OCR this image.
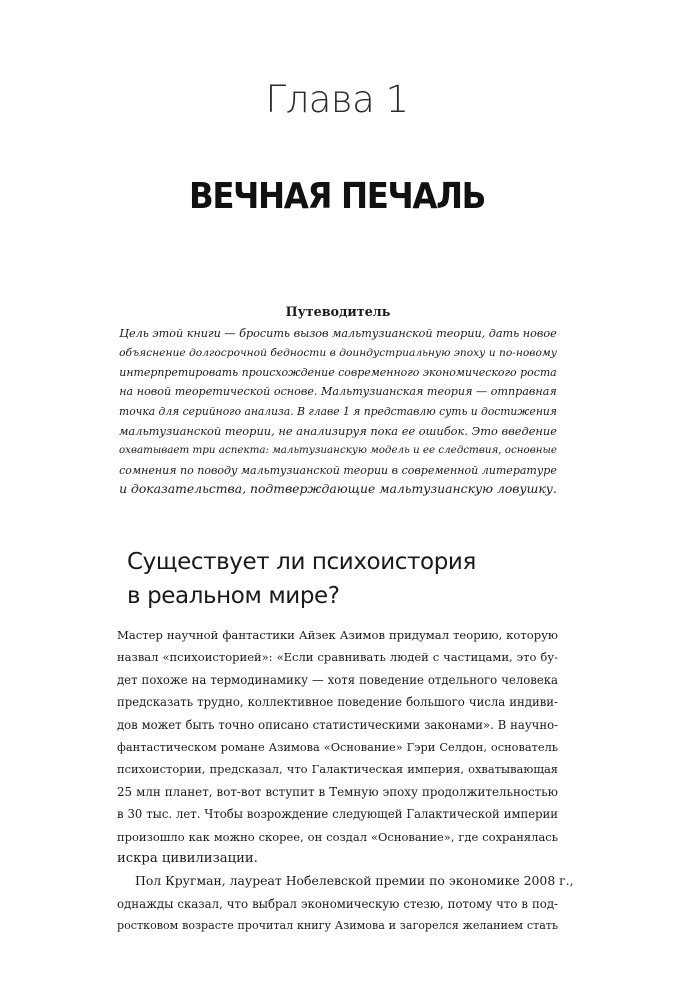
Глава 1
ВЕЧНАЯ ПЕЧАЛЬ
Путеводитель
Цель этой книги — бросить вызов мальтузианской теории, дать новое
объяснение долгосрочной бедности в доиндустриальную эпоху и по-новому
интерпретировать происхождение современного экономического роста
на новой теоретической основе. Мальтузианская теория — отправная
точка для серийного анализа. В главе 1 я представлю суть и достижения
мальтузианской теории, не анализируя пока ее ошибок. Это введение
охватывает три аспекта: мальтузианскую модель и ее следствия, основные
сомнения по поводу мальтузианской теории в современной литературе
и доказательства, подтверждающие мальтузианскую ловушку.
Существует ли психоистория
в реальном мире?
Мастер научной фантастики Айзек Азимов придумал теорию, которую
назвал «психоисторией»: «Если сравнивать людей с частицами, это бу-
дет похоже на термодинамику — хотя поведение отдельного человека
предсказать трудно, коллективное поведение большого числа индиви-
дов может быть точно описано статистическими законами». В научно-
фантастическом романе Азимова «Основание» Гэри Селдон, основатель
психоистории, предсказал, что Галактическая империя, охватывающая
25 млн планет, вот-вот вступит в Темную эпоху продолжительностью
в 30 тыс. лет. Чтобы возрождение следующей Галактической империи
произошло как можно скорее, он создал «Основание», где сохранялась
искра цивилизации.
Пол Кругман, лауреат Нобелевской премии по экономике 2008 г.,
однажды сказал, что выбрал экономическую стезю, потому что в под-
ростковом возрасте прочитал книгу Азимова и загорелся желанием стать
